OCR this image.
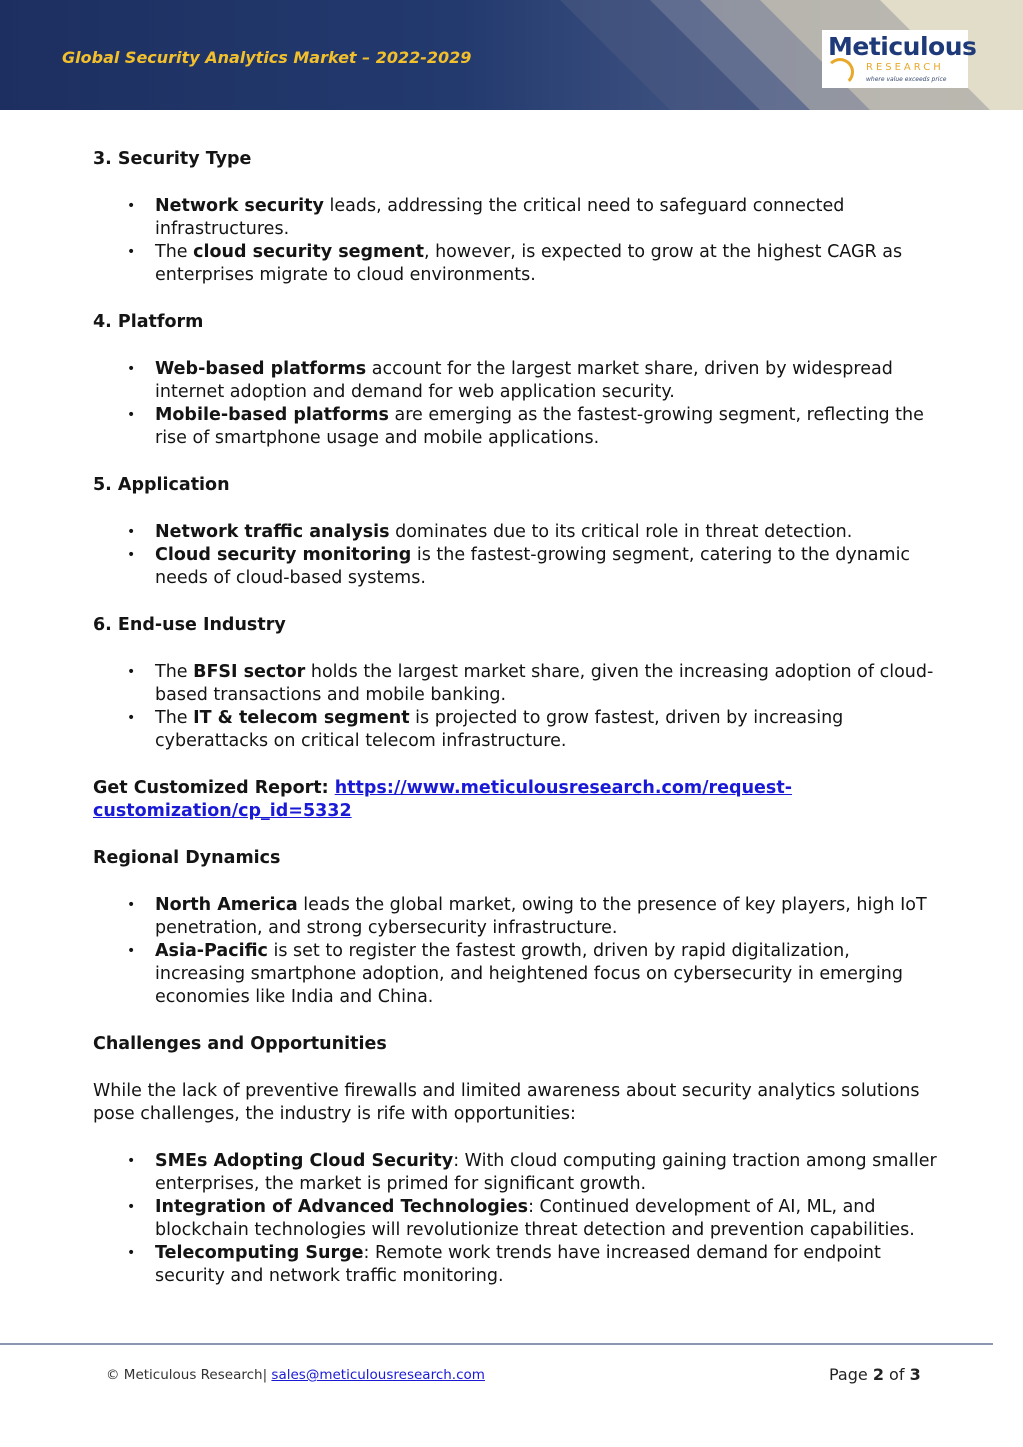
Global Security Analytics Market – 2022-2029	Meticulous
RESEARCH
where value exceeds price

3. Security Type

• Network security leads, addressing the critical need to safeguard connected infrastructures.
• The cloud security segment, however, is expected to grow at the highest CAGR as enterprises migrate to cloud environments.

4. Platform

• Web-based platforms account for the largest market share, driven by widespread internet adoption and demand for web application security.
• Mobile-based platforms are emerging as the fastest-growing segment, reflecting the rise of smartphone usage and mobile applications.

5. Application

• Network traffic analysis dominates due to its critical role in threat detection.
• Cloud security monitoring is the fastest-growing segment, catering to the dynamic needs of cloud-based systems.

6. End-use Industry

• The BFSI sector holds the largest market share, given the increasing adoption of cloud-based transactions and mobile banking.
• The IT & telecom segment is projected to grow fastest, driven by increasing cyberattacks on critical telecom infrastructure.

Get Customized Report: https://www.meticulousresearch.com/request-customization/cp_id=5332

Regional Dynamics

• North America leads the global market, owing to the presence of key players, high IoT penetration, and strong cybersecurity infrastructure.
• Asia-Pacific is set to register the fastest growth, driven by rapid digitalization, increasing smartphone adoption, and heightened focus on cybersecurity in emerging economies like India and China.

Challenges and Opportunities

While the lack of preventive firewalls and limited awareness about security analytics solutions pose challenges, the industry is rife with opportunities:

• SMEs Adopting Cloud Security: With cloud computing gaining traction among smaller enterprises, the market is primed for significant growth.
• Integration of Advanced Technologies: Continued development of AI, ML, and blockchain technologies will revolutionize threat detection and prevention capabilities.
• Telecomputing Surge: Remote work trends have increased demand for endpoint security and network traffic monitoring.
© Meticulous Research| sales@meticulousresearch.com	Page 2 of 3
